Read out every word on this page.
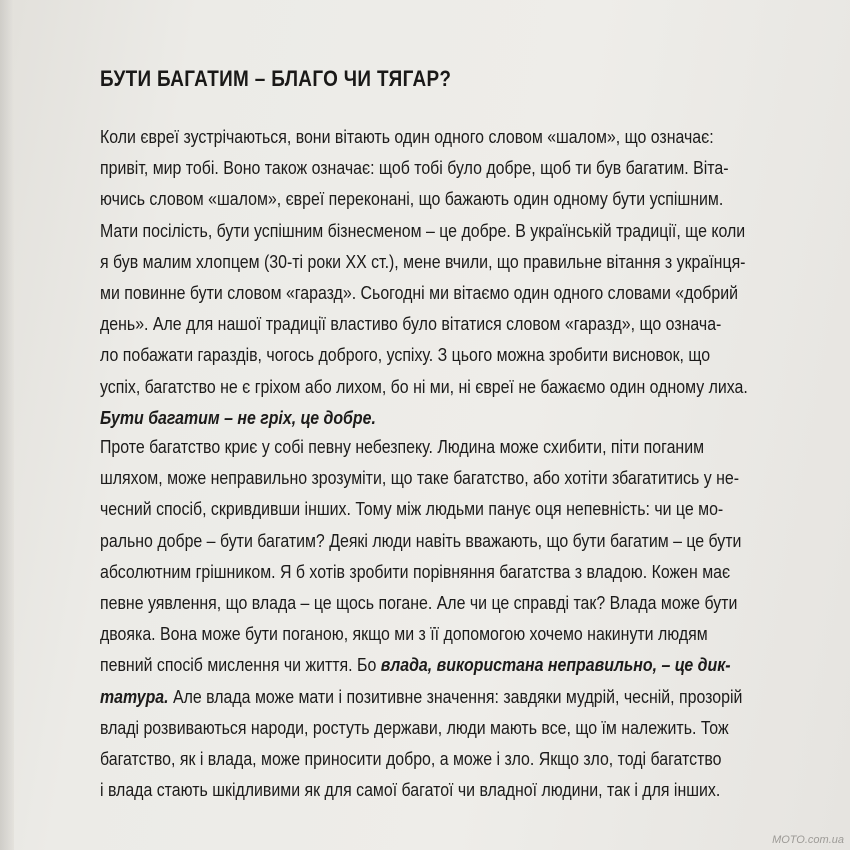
БУТИ БАГАТИМ – БЛАГО ЧИ ТЯГАР?
Коли євреї зустрічаються, вони вітають один одного словом «шалом», що означає:
привіт, мир тобі. Воно також означає: щоб тобі було добре, щоб ти був багатим. Віта-
ючись словом «шалом», євреї переконані, що бажають один одному бути успішним.
Мати посілість, бути успішним бізнесменом – це добре. В українській традиції, ще коли
я був малим хлопцем (30-ті роки XX ст.), мене вчили, що правильне вітання з українця-
ми повинне бути словом «гаразд». Сьогодні ми вітаємо один одного словами «добрий
день». Але для нашої традиції властиво було вітатися словом «гаразд», що означа-
ло побажати гараздів, чогось доброго, успіху. З цього можна зробити висновок, що
успіх, багатство не є гріхом або лихом, бо ні ми, ні євреї не бажаємо один одному лиха.
Бути багатим – не гріх, це добре.
Проте багатство криє у собі певну небезпеку. Людина може схибити, піти поганим
шляхом, може неправильно зрозуміти, що таке багатство, або хотіти збагатитись у не-
чесний спосіб, скривдивши інших. Тому між людьми панує оця непевність: чи це мо-
рально добре – бути багатим? Деякі люди навіть вважають, що бути багатим – це бути
абсолютним грішником. Я б хотів зробити порівняння багатства з владою. Кожен має
певне уявлення, що влада – це щось погане. Але чи це справді так? Влада може бути
двояка. Вона може бути поганою, якщо ми з її допомогою хочемо накинути людям
певний спосіб мислення чи життя. Бо влада, використана неправильно, – це дик-
татура. Але влада може мати і позитивне значення: завдяки мудрій, чесній, прозорій
владі розвиваються народи, ростуть держави, люди мають все, що їм належить. Тож
багатство, як і влада, може приносити добро, а може і зло. Якщо зло, тоді багатство
і влада стають шкідливими як для самої багатої чи владної людини, так і для інших.
MOTO.com.ua
